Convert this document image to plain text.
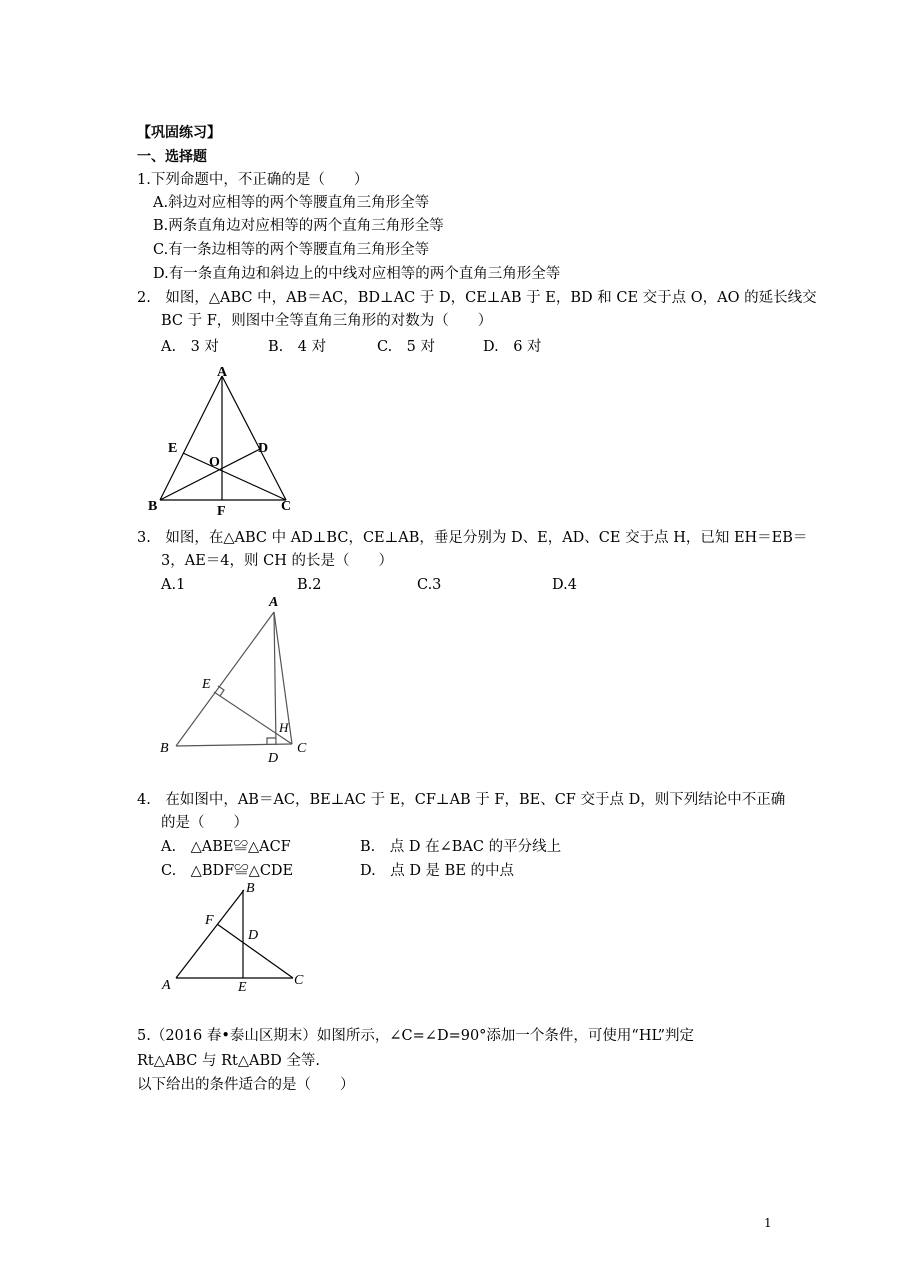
【巩固练习】
一、选择题
1.下列命题中，不正确的是（　　）
A.斜边对应相等的两个等腰直角三角形全等
B.两条直角边对应相等的两个直角三角形全等
C.有一条边相等的两个等腰直角三角形全等
D.有一条直角边和斜边上的中线对应相等的两个直角三角形全等
2.　如图，△ABC 中，AB＝AC，BD⊥AC 于 D，CE⊥AB 于 E，BD 和 CE 交于点 O，AO 的延长线交
BC 于 F，则图中全等直角三角形的对数为（　　）
A.　3 对	B.　4 对	C.　5 对	D.　6 对
A
B	C
D
E
F
O
3.　如图，在△ABC 中 AD⊥BC，CE⊥AB，垂足分别为 D、E，AD、CE 交于点 H，已知 EH＝EB＝
3，AE＝4，则 CH 的长是（　　）
A.1	B.2	C.3	D.4
A
B	C
D
E
H
4.　在如图中，AB＝AC，BE⊥AC 于 E，CF⊥AB 于 F，BE、CF 交于点 D，则下列结论中不正确
的是（　　）
A.　△ABE≌△ACF	B.　点 D 在∠BAC 的平分线上
C.　△BDF≌△CDE	D.　点 D 是 BE 的中点
B
F
D
A	E	C
5.（2016 春•泰山区期末）如图所示，∠C=∠D=90°添加一个条件，可使用“HL”判定
Rt△ABC 与 Rt△ABD 全等.
以下给出的条件适合的是（　　）
1
